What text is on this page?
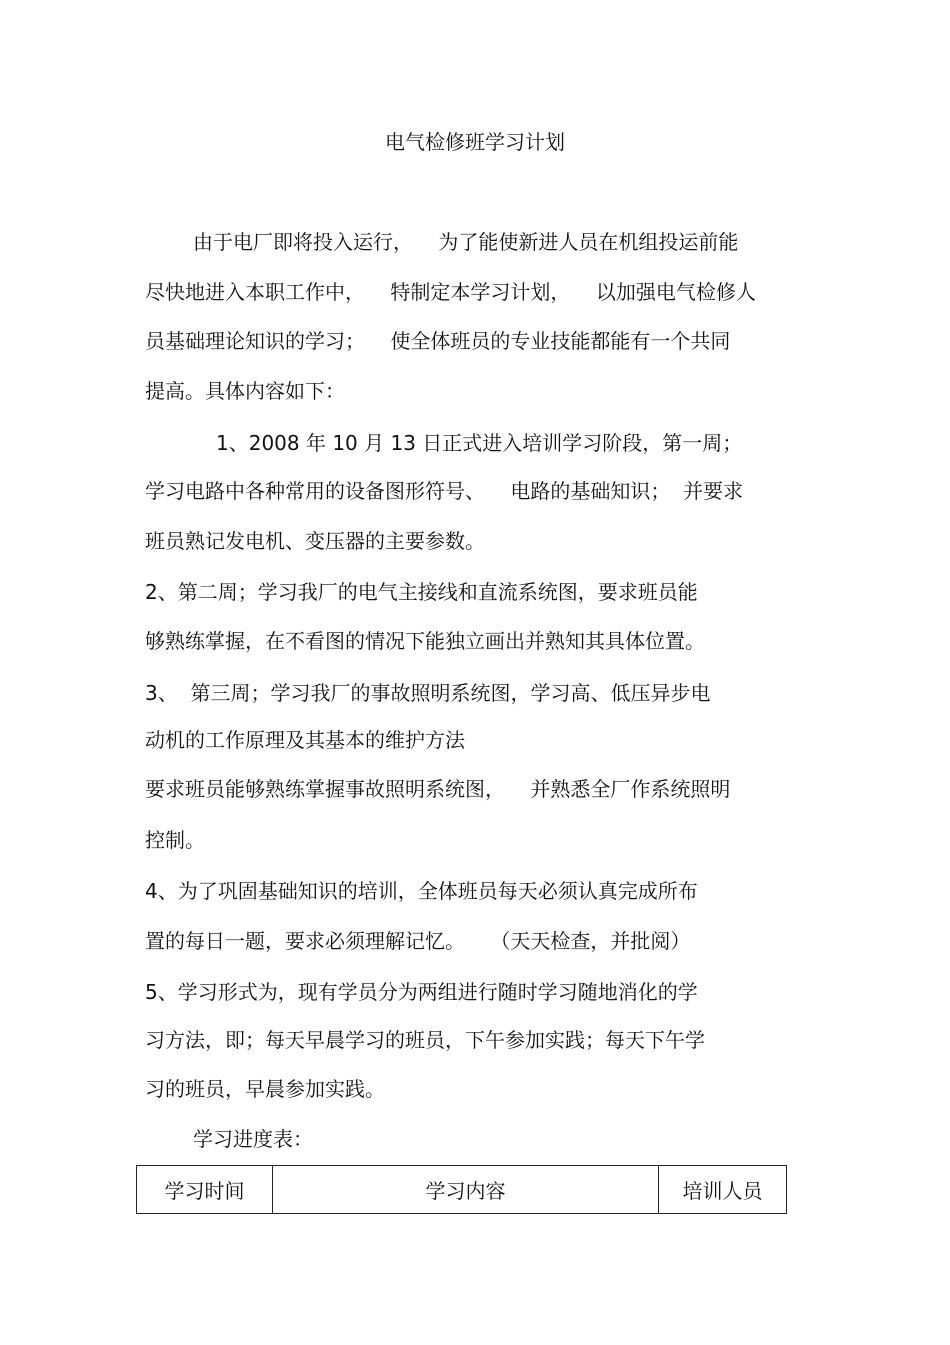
电气检修班学习计划

由于电厂即将投入运行，    为了能使新进人员在机组投运前能

尽快地进入本职工作中，    特制定本学习计划，    以加强电气检修人

员基础理论知识的学习；    使全体班员的专业技能都能有一个共同

提高。具体内容如下：

1、2008 年 10 月 13 日正式进入培训学习阶段，第一周；

学习电路中各种常用的设备图形符号、    电路的基础知识；  并要求

班员熟记发电机、变压器的主要参数。

2、第二周；学习我厂的电气主接线和直流系统图，要求班员能

够熟练掌握，在不看图的情况下能独立画出并熟知其具体位置。

3、  第三周；学习我厂的事故照明系统图，学习高、低压异步电

动机的工作原理及其基本的维护方法

要求班员能够熟练掌握事故照明系统图，    并熟悉全厂作系统照明

控制。

4、为了巩固基础知识的培训，全体班员每天必须认真完成所布

置的每日一题，要求必须理解记忆。    （天天检查，并批阅）

5、学习形式为，现有学员分为两组进行随时学习随地消化的学

习方法，即；每天早晨学习的班员，下午参加实践；每天下午学

习的班员，早晨参加实践。

学习进度表：

学习时间	学习内容	培训人员
